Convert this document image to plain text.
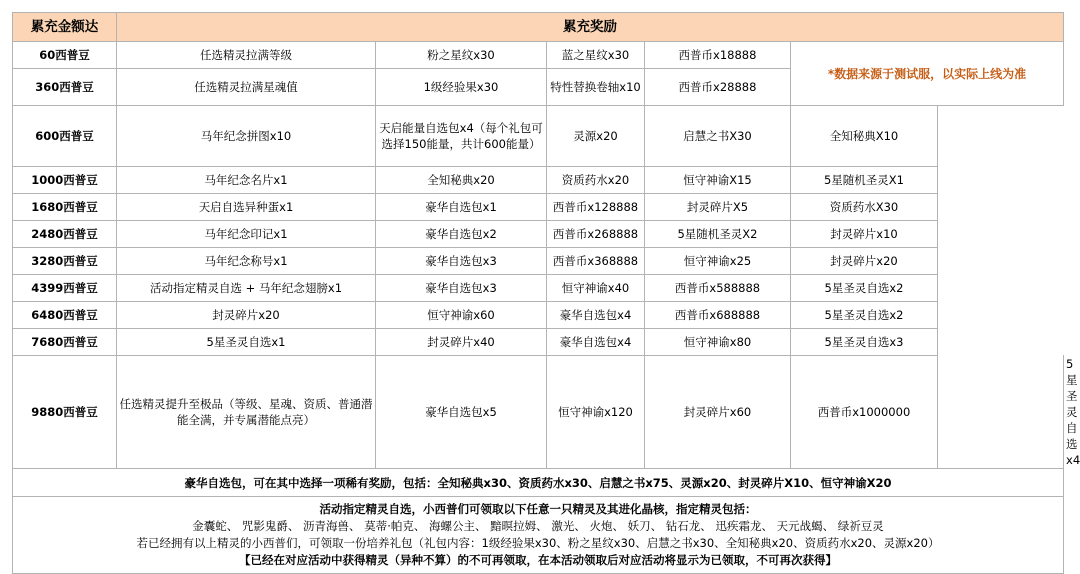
累充金额达	累充奖励						
60西普豆	任选精灵拉满等级	粉之星纹x30	蓝之星纹x30	西普币x18888	*数据来源于测试服，以实际上线为准		
360西普豆	任选精灵拉满星魂值	1级经验果x30	特性替换卷轴x10	西普币x28888			
600西普豆	马年纪念拼图x10	天启能量自选包x4（每个礼包可选择150能量，共计600能量）	灵源x20	启慧之书X30	全知秘典X10		
1000西普豆	马年纪念名片x1	全知秘典x20	资质药水x20	恒守神谕X15	5星随机圣灵X1		
1680西普豆	天启自选异种蛋x1	豪华自选包x1	西普币x128888	封灵碎片X5	资质药水X30		
2480西普豆	马年纪念印记x1	豪华自选包x2	西普币x268888	5星随机圣灵X2	封灵碎片x10		
3280西普豆	马年纪念称号x1	豪华自选包x3	西普币x368888	恒守神谕x25	封灵碎片x20		
4399西普豆	活动指定精灵自选 + 马年纪念翅膀x1	豪华自选包x3	恒守神谕x40	西普币x588888	5星圣灵自选x2		
6480西普豆	封灵碎片x20	恒守神谕x60	豪华自选包x4	西普币x688888	5星圣灵自选x2		
7680西普豆	5星圣灵自选x1	封灵碎片x40	豪华自选包x4	恒守神谕x80	5星圣灵自选x3		
9880西普豆	任选精灵提升至极品（等级、星魂、资质、普通潜能全满，并专属潜能点亮）	豪华自选包x5	恒守神谕x120	封灵碎片x60	西普币x1000000		5星圣灵自选x4
豪华自选包，可在其中选择一项稀有奖励，包括：全知秘典x30、资质药水x30、启慧之书x75、灵源x20、封灵碎片X10、恒守神谕X20							

活动指定精灵自选，小西普们可领取以下任意一只精灵及其进化晶核，指定精灵包括：
金囊蛇、 咒影鬼爵、 沥青海兽、 莫蒂·帕克、 海螺公主、 黯暝拉姆、 激光、 火炮、 妖刀、 钻石龙、 迅疾霜龙、 天元战蝎、 绿祈豆灵
若已经拥有以上精灵的小西普们，可领取一份培养礼包（礼包内容：1级经验果x30、粉之星纹x30、启慧之书x30、全知秘典x20、资质药水x20、灵源x20）
【已经在对应活动中获得精灵（异种不算）的不可再领取，在本活动领取后对应活动将显示为已领取，不可再次获得】							
